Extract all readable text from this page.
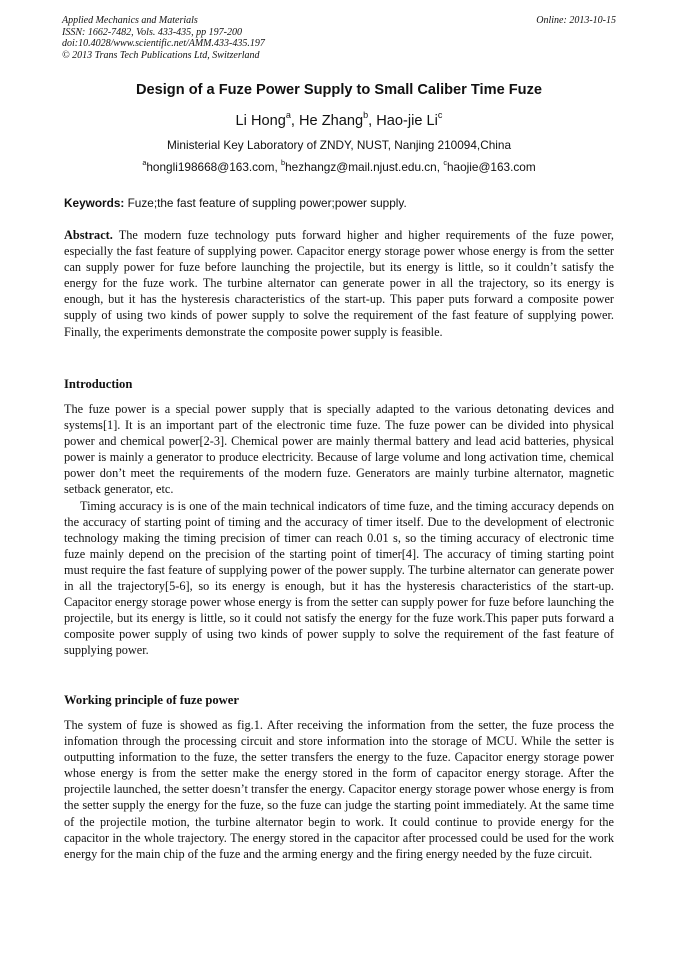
Applied Mechanics and Materials
ISSN: 1662-7482, Vols. 433-435, pp 197-200
doi:10.4028/www.scientific.net/AMM.433-435.197
© 2013 Trans Tech Publications Ltd, Switzerland
Online: 2013-10-15
Design of a Fuze Power Supply to Small Caliber Time Fuze
Li Hong$^a$, He Zhang$^b$, Hao-jie Li$^c$
Ministerial Key Laboratory of ZNDY, NUST, Nanjing 210094,China
$^a$hongli198668@163.com, $^b$hezhangz@mail.njust.edu.cn, $^c$haojie@163.com
Keywords: Fuze;the fast feature of suppling power;power supply.

Abstract. The modern fuze technology puts forward higher and higher requirements of the fuze power, especially the fast feature of supplying power. Capacitor energy storage power whose energy is from the setter can supply power for fuze before launching the projectile, but its energy is little, so it couldn’t satisfy the energy for the fuze work. The turbine alternator can generate power in all the trajectory, so its energy is enough, but it has the hysteresis characteristics of the start-up. This paper puts forward a composite power supply of using two kinds of power supply to solve the requirement of the fast feature of supplying power. Finally, the experiments demonstrate the composite power supply is feasible.

Introduction

The fuze power is a special power supply that is specially adapted to the various detonating devices and systems[1]. It is an important part of the electronic time fuze. The fuze power can be divided into physical power and chemical power[2-3]. Chemical power are mainly thermal battery and lead acid batteries, physical power is mainly a generator to produce electricity. Because of large volume and long activation time, chemical power don’t meet the requirements of the modern fuze. Generators are mainly turbine alternator, magnetic setback generator, etc.

Timing accuracy is is one of the main technical indicators of time fuze, and the timing accuracy depends on the accuracy of starting point of timing and the accuracy of timer itself. Due to the development of electronic technology making the timing precision of timer can reach 0.01 s, so the timing accuracy of electronic time fuze mainly depend on the precision of the starting point of timer[4]. The accuracy of timing starting point must require the fast feature of supplying power of the power supply. The turbine alternator can generate power in all the trajectory[5-6], so its energy is enough, but it has the hysteresis characteristics of the start-up. Capacitor energy storage power whose energy is from the setter can supply power for fuze before launching the projectile, but its energy is little, so it could not satisfy the energy for the fuze work.This paper puts forward a composite power supply of using two kinds of power supply to solve the requirement of the fast feature of supplying power.

Working principle of fuze power

The system of fuze is showed as fig.1. After receiving the information from the setter, the fuze process the infomation through the processing circuit and store information into the storage of MCU. While the setter is outputting information to the fuze, the setter transfers the energy to the fuze. Capacitor energy storage power whose energy is from the setter make the energy stored in the form of capacitor energy storage. After the projectile launched, the setter doesn’t transfer the energy. Capacitor energy storage power whose energy is from the setter supply the energy for the fuze, so the fuze can judge the starting point immediately. At the same time of the projectile motion, the turbine alternator begin to work. It could continue to provide energy for the capacitor in the whole trajectory. The energy stored in the capacitor after processed could be used for the work energy for the main chip of the fuze and the arming energy and the firing energy needed by the fuze circuit.
